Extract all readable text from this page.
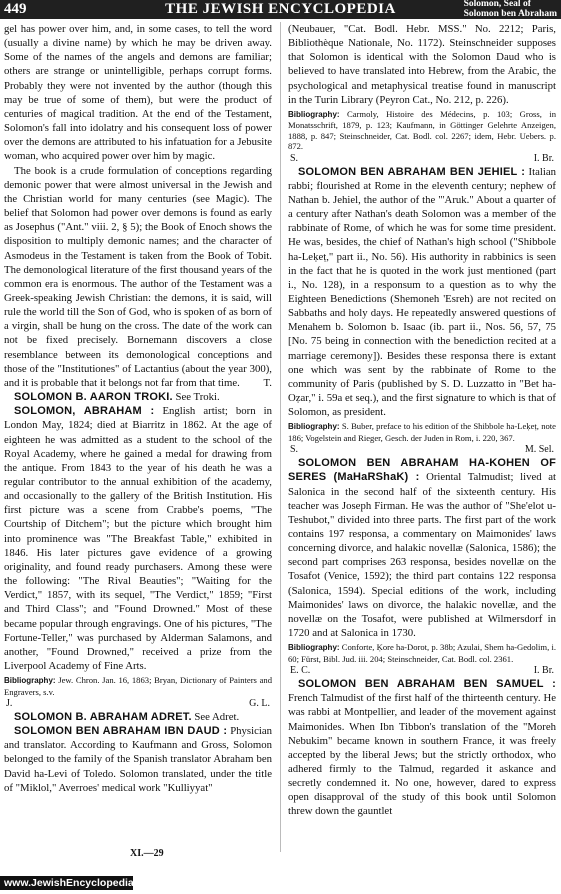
449	THE JEWISH ENCYCLOPEDIA	Solomon, Seal of
Solomon ben Abraham

gel has power over him, and, in some cases, to tell the word (usually a divine name) by which he may be driven away. Some of the names of the angels and demons are familiar; others are strange or unintelligible, perhaps corrupt forms. Probably they were not invented by the author (though this may be true of some of them), but were the product of centuries of magical tradition. At the end of the Testament, Solomon's fall into idolatry and his consequent loss of power over the demons are attributed to his infatuation for a Jebusite woman, who acquired power over him by magic.

The book is a crude formulation of conceptions regarding demonic power that were almost universal in the Jewish and the Christian world for many centuries (see Magic). The belief that Solomon had power over demons is found as early as Josephus ("Ant." viii. 2, § 5); the Book of Enoch shows the disposition to multiply demonic names; and the character of Asmodeus in the Testament is taken from the Book of Tobit. The demonological literature of the first thousand years of the common era is enormous. The author of the Testament was a Greek-speaking Jewish Christian: the demons, it is said, will rule the world till the Son of God, who is spoken of as born of a virgin, shall be hung on the cross. The date of the work can not be fixed precisely. Bornemann discovers a close resemblance between its demonological conceptions and those of the "Institutiones" of Lactantius (about the year 300), and it is probable that it belongs not far from that time.	T.

SOLOMON B. AARON TROKI. See Troki.

SOLOMON, ABRAHAM : English artist; born in London May, 1824; died at Biarritz in 1862. At the age of eighteen he was admitted as a student to the school of the Royal Academy, where he gained a medal for drawing from the antique. From 1843 to the year of his death he was a regular contributor to the annual exhibition of the academy, and occasionally to the gallery of the British Institution. His first picture was a scene from Crabbe's poems, "The Courtship of Ditchem"; but the picture which brought him into prominence was "The Breakfast Table," exhibited in 1846. His later pictures gave evidence of a growing originality, and found ready purchasers. Among these were the following: "The Rival Beauties"; "Waiting for the Verdict," 1857, with its sequel, "The Verdict," 1859; "First and Third Class"; and "Found Drowned." Most of these became popular through engravings. One of his pictures, "The Fortune-Teller," was purchased by Alderman Salamons, and another, "Found Drowned," received a prize from the Liverpool Academy of Fine Arts.

Bibliography: Jew. Chron. Jan. 16, 1863; Bryan, Dictionary of Painters and Engravers, s.v.

J.	G. L.

SOLOMON B. ABRAHAM ADRET. See Adret.

SOLOMON BEN ABRAHAM IBN DAUD : Physician and translator. According to Kaufmann and Gross, Solomon belonged to the family of the Spanish translator Abraham ben David ha-Levi of Toledo. Solomon translated, under the title of "Miklol," Averroes' medical work "Kulliyyat"

(Neubauer, "Cat. Bodl. Hebr. MSS." No. 2212; Paris, Bibliothèque Nationale, No. 1172). Steinschneider supposes that Solomon is identical with the Solomon Daud who is believed to have translated into Hebrew, from the Arabic, the psychological and metaphysical treatise found in manuscript in the Turin Library (Peyron Cat., No. 212, p. 226).

Bibliography: Carmoly, Histoire des Médecins, p. 103; Gross, in Monatsschrift, 1879, p. 123; Kaufmann, in Göttinger Gelehrte Anzeigen, 1888, p. 847; Steinschneider, Cat. Bodl. col. 2267; idem, Hebr. Uebers. p. 872.

S.	I. Br.

SOLOMON BEN ABRAHAM BEN JEHIEL : Italian rabbi; flourished at Rome in the eleventh century; nephew of Nathan b. Jehiel, the author of the "'Aruk." About a quarter of a century after Nathan's death Solomon was a member of the rabbinate of Rome, of which he was for some time president. He was, besides, the chief of Nathan's high school ("Shibbole ha-Leḳeṭ," part ii., No. 56). His authority in rabbinics is seen in the fact that he is quoted in the work just mentioned (part i., No. 128), in a responsum to a question as to why the Eighteen Benedictions (Shemoneh 'Esreh) are not recited on Sabbaths and holy days. He repeatedly answered questions of Menahem b. Solomon b. Isaac (ib. part ii., Nos. 56, 57, 75 [No. 75 being in connection with the benediction recited at a marriage ceremony]). Besides these responsa there is extant one which was sent by the rabbinate of Rome to the community of Paris (published by S. D. Luzzatto in "Bet ha-Oẓar," i. 59a et seq.), and the first signature to which is that of Solomon, as president.

Bibliography: S. Buber, preface to his edition of the Shibbole ha-Leḳeṭ, note 186; Vogelstein and Rieger, Gesch. der Juden in Rom, i. 220, 367.

S.	M. Sel.

SOLOMON BEN ABRAHAM HA-KOHEN OF SERES (MaHaRShaK) : Oriental Talmudist; lived at Salonica in the second half of the sixteenth century. His teacher was Joseph Firman. He was the author of "She'elot u-Teshubot," divided into three parts. The first part of the work contains 197 responsa, a commentary on Maimonides' laws concerning divorce, and halakic novellæ (Salonica, 1586); the second part comprises 263 responsa, besides novellæ on the Tosafot (Venice, 1592); the third part contains 122 responsa (Salonica, 1594). Special editions of the work, including Maimonides' laws on divorce, the halakic novellæ, and the novellæ on the Tosafot, were published at Wilmersdorf in 1720 and at Salonica in 1730.

Bibliography: Conforte, Ḳore ha-Dorot, p. 38b; Azulai, Shem ha-Gedolim, i. 60; Fürst, Bibl. Jud. iii. 204; Steinschneider, Cat. Bodl. col. 2361.

E. C.	I. Br.

SOLOMON BEN ABRAHAM BEN SAMUEL : French Talmudist of the first half of the thirteenth century. He was rabbi at Montpellier, and leader of the movement against Maimonides. When Ibn Tibbon's translation of the "Moreh Nebukim" became known in southern France, it was freely accepted by the liberal Jews; but the strictly orthodox, who adhered firmly to the Talmud, regarded it askance and secretly condemned it. No one, however, dared to express open disapproval of the study of this book until Solomon threw down the gauntlet

XI.—29
www.JewishEncyclopedia.com
